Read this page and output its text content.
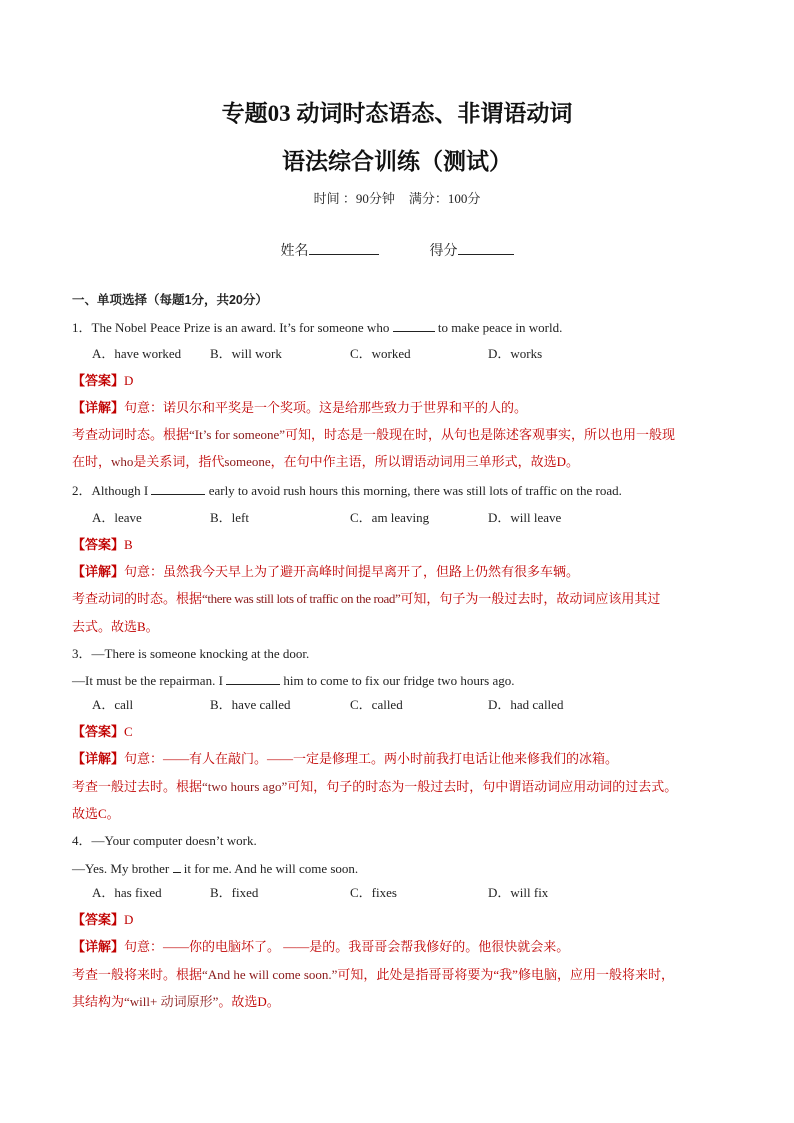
专题03 动词时态语态、非谓语动词
语法综合训练（测试）
时间 ：90分钟 满分：100分
姓名	得分
一、单项选择（每题1分，共20分）
1．The Nobel Peace Prize is an award. It’s for someone who	to make peace in world.
A．have worked B．will work	C．worked	D．works
【答案】D
【详解】句意：诺贝尔和平奖是一个奖项。这是给那些致力于世界和平的人的。
考查动词时态。根据“It’s for someone”可知，时态是一般现在时，从句也是陈述客观事实，所以也用一般现
在时，who是关系词，指代someone，在句中作主语，所以谓语动词用三单形式，故选D。
2．Although I	early to avoid rush hours this morning, there was still lots of traffic on the road.
A．leave	B．left	C．am leaving	D．will leave
【答案】B
【详解】句意：虽然我今天早上为了避开高峰时间提早离开了，但路上仍然有很多车辆。
考查动词的时态。根据“there was still lots of traffic on the road”可知，句子为一般过去时，故动词应该用其过
去式。故选B。
3．—There is someone knocking at the door.
—It must be the repairman. I	him to come to fix our fridge two hours ago.
A．call	B．have called	C．called	D．had called
【答案】C
【详解】句意：——有人在敲门。——一定是修理工。两小时前我打电话让他来修我们的冰箱。
考查一般过去时。根据“two hours ago”可知，句子的时态为一般过去时，句中谓语动词应用动词的过去式。
故选C。
4．—Your computer doesn’t work.
—Yes. My brother it for me. And he will come soon.
A．has fixed	B．fixed	C．fixes	D．will fix
【答案】D
【详解】句意：——你的电脑坏了。 ——是的。我哥哥会帮我修好的。他很快就会来。
考查一般将来时。根据“And he will come soon.”可知，此处是指哥哥将要为“我”修电脑，应用一般将来时，
其结构为“will+ 动词原形”。故选D。
